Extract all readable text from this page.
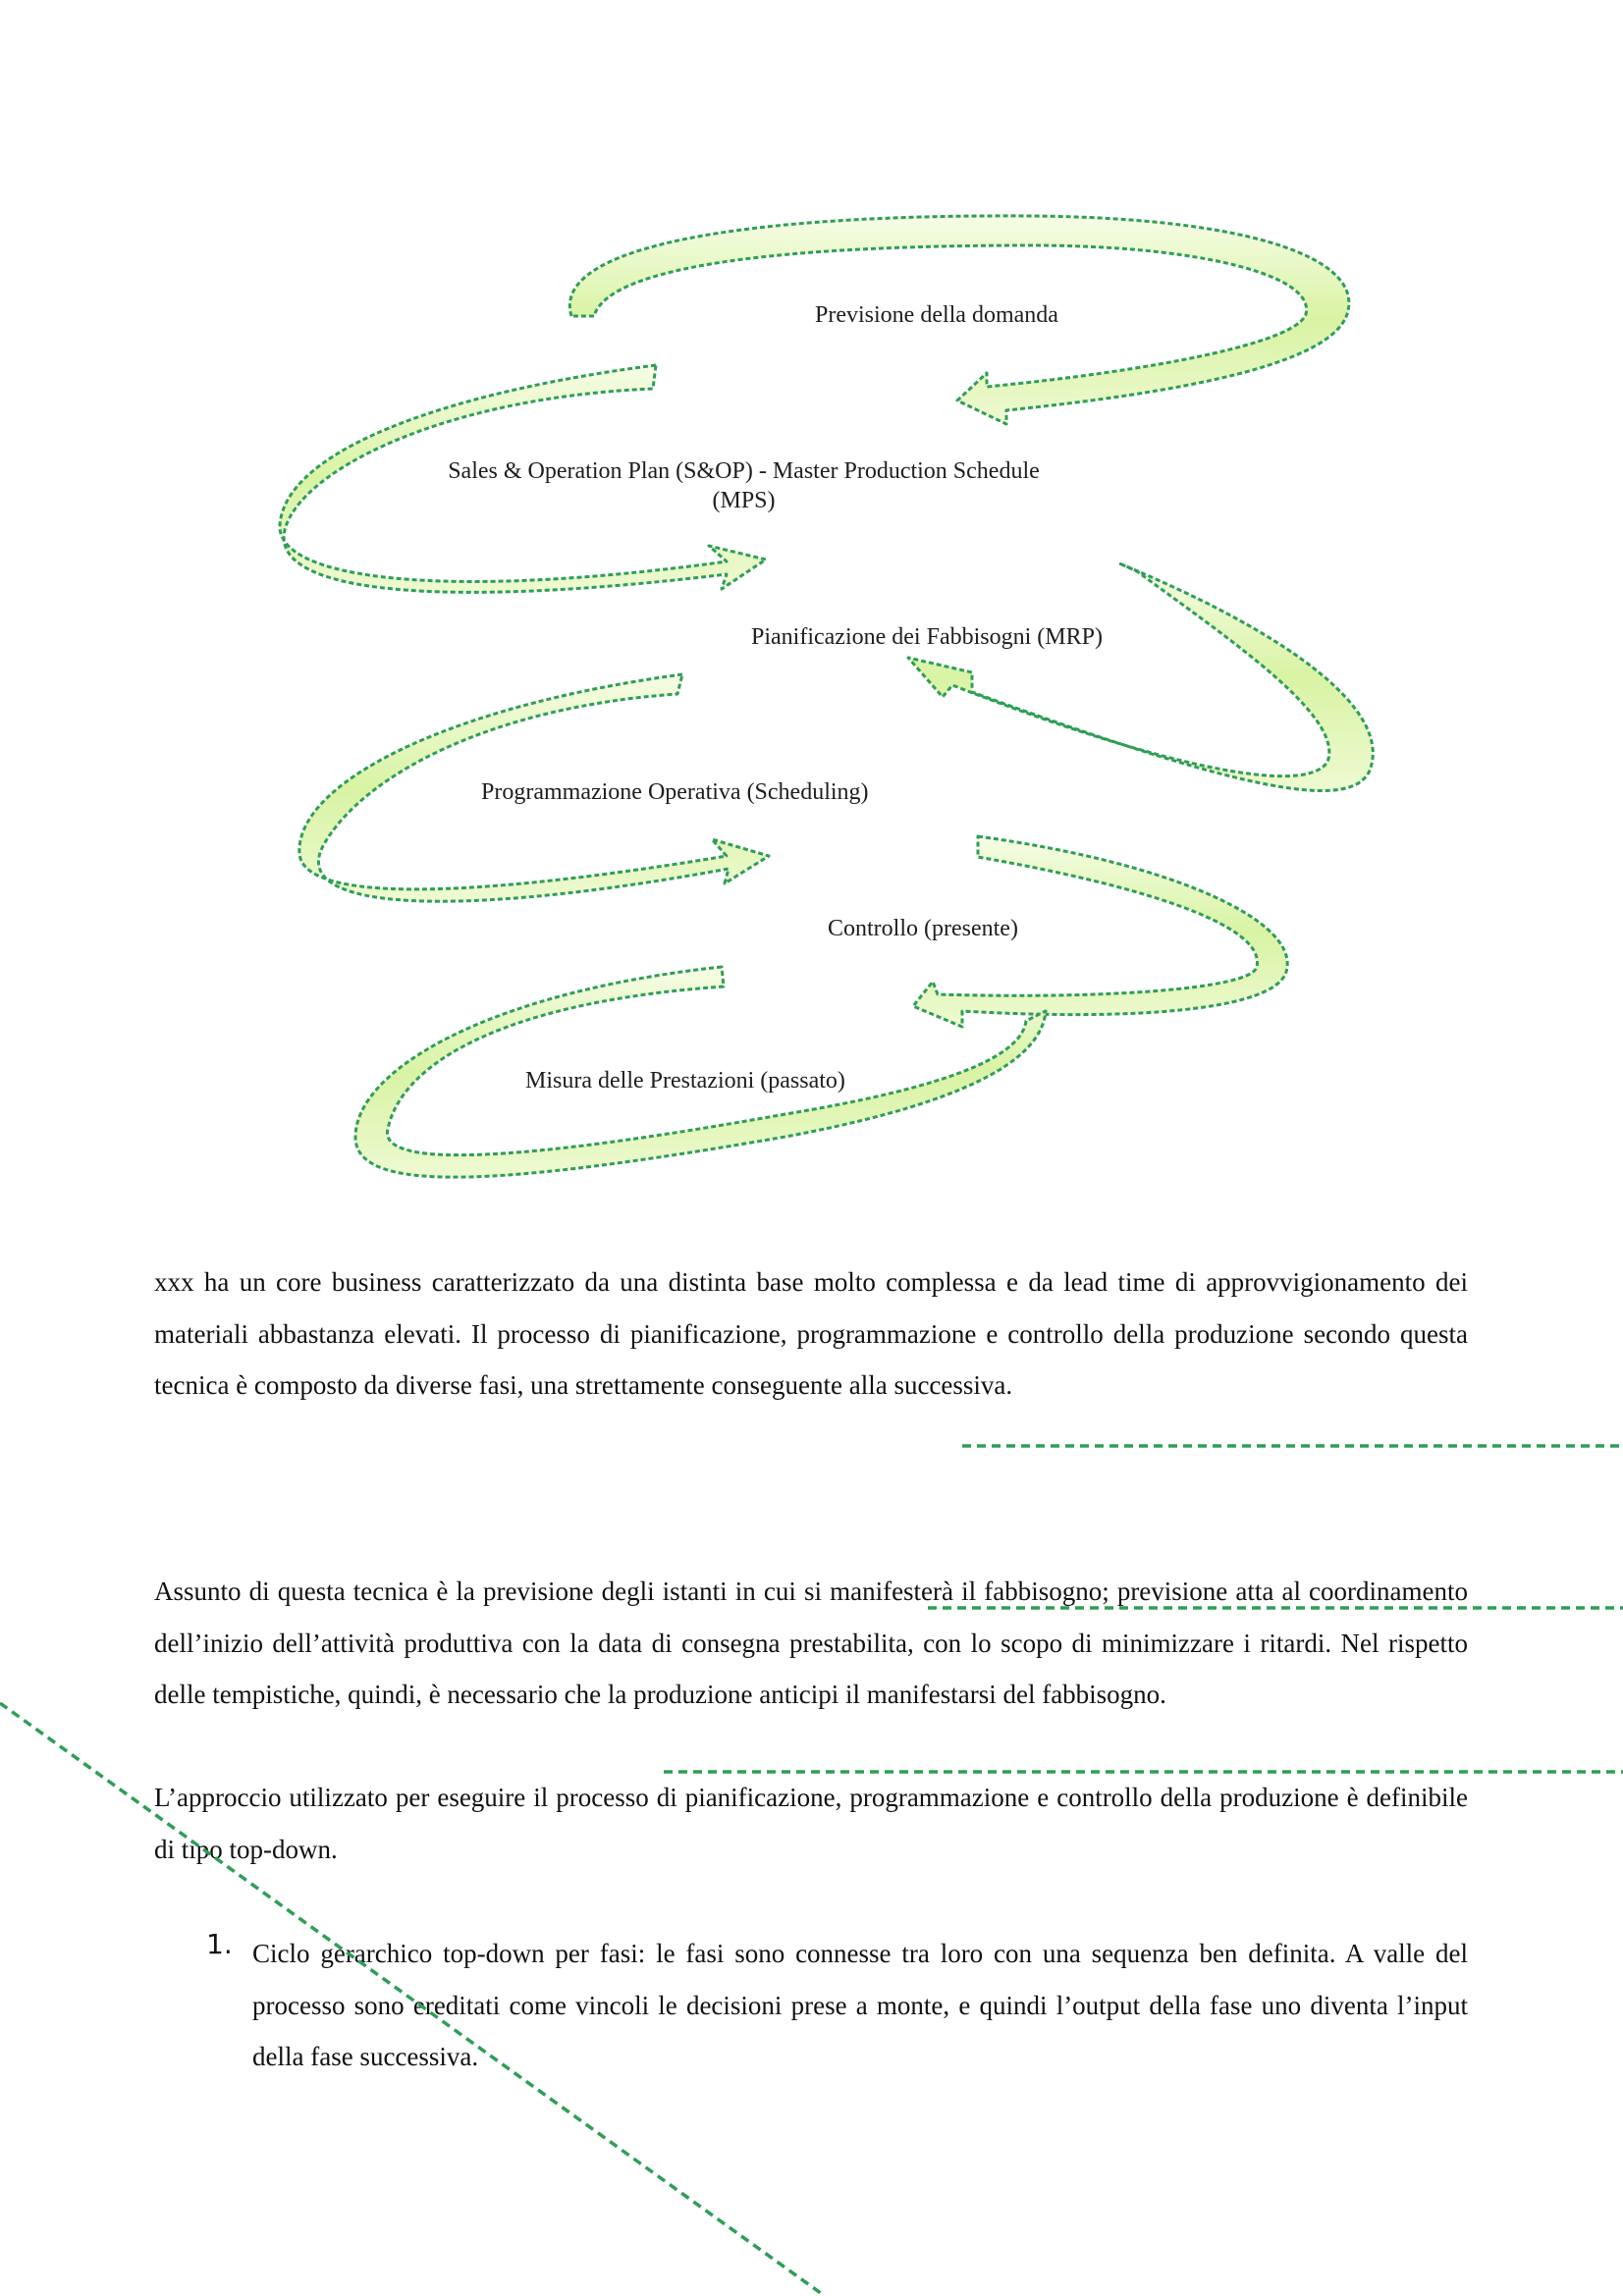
Previsione della domanda
Sales & Operation Plan (S&OP) - Master Production Schedule
(MPS)
Pianificazione dei Fabbisogni (MRP)
Programmazione Operativa (Scheduling)
Controllo (presente)
Misura delle Prestazioni (passato)

xxx ha un core business caratterizzato da una distinta base molto complessa e da lead time di approvvigionamento dei materiali abbastanza elevati. Il processo di pianificazione, programmazione e controllo della produzione secondo questa tecnica è composto da diverse fasi, una strettamente conseguente alla successiva.

Assunto di questa tecnica è la previsione degli istanti in cui si manifesterà il fabbisogno; previsione atta al coordinamento dell’inizio dell’attività produttiva con la data di consegna prestabilita, con lo scopo di minimizzare i ritardi. Nel rispetto delle tempistiche, quindi, è necessario che la produzione anticipi il manifestarsi del fabbisogno.

L’approccio utilizzato per eseguire il processo di pianificazione, programmazione e controllo della produzione è definibile di tipo top-down.

1. Ciclo gerarchico top-down per fasi: le fasi sono connesse tra loro con una sequenza ben definita. A valle del processo sono ereditati come vincoli le decisioni prese a monte, e quindi l’output della fase uno diventa l’input della fase successiva.
